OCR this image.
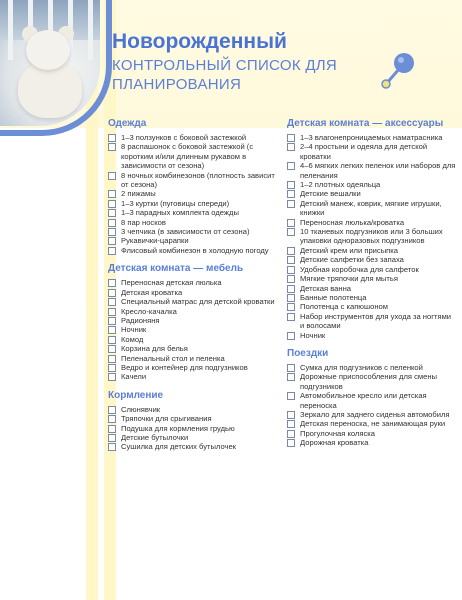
Новорожденный

КОНТРОЛЬНЫЙ СПИСОК ДЛЯ ПЛАНИРОВАНИЯ

Одежда
1–3 ползунков с боковой застежкой
8 распашонок с боковой застежкой (с коротким и/или длинным рукавом в зависимости от сезона)
8 ночных комбинезонов (плотность зависит от сезона)
2 пижамы
1–3 куртки (пуговицы спереди)
1–3 парадных комплекта одежды
8 пар носков
3 чепчика (в зависимости от сезона)
Рукавички-царапки
Флисовый комбинезон в холодную погоду
Детская комната — мебель
Переносная детская люлька
Детская кроватка
Специальный матрас для детской кроватки
Кресло-качалка
Радионяня
Ночник
Комод
Корзина для белья
Пеленальный стол и пеленка
Ведро и контейнер для подгузников
Качели
Кормление
Слюнявчик
Тряпочки для срыгивания
Подушка для кормления грудью
Детские бутылочки
Сушилка для детских бутылочек
Детская комната — аксессуары
1–3 влагонепроницаемых наматрасника
2–4 простыни и одеяла для детской кроватки
4–6 мягких легких пеленок или наборов для пеленания
1–2 плотных одеяльца
Детские вешалки
Детский манеж, коврик, мягкие игрушки, книжки
Переносная люлька/кроватка
10 тканевых подгузников или 3 больших упаковки одноразовых подгузников
Детский крем или присыпка
Детские салфетки без запаха
Удобная коробочка для салфеток
Мягкие тряпочки для мытья
Детская ванна
Банные полотенца
Полотенца с капюшоном
Набор инструментов для ухода за ногтями и волосами
Ночник
Поездки
Сумка для подгузников с пеленкой
Дорожные приспособления для смены подгузников
Автомобильное кресло или детская переноска
Зеркало для заднего сиденья автомобиля
Детская переноска, не занимающая руки
Прогулочная коляска
Дорожная кроватка
